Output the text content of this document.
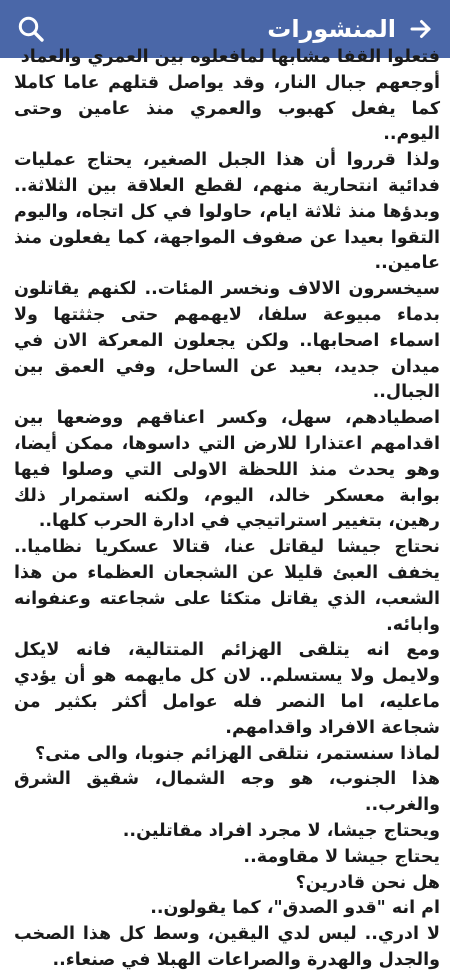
المنشورات

فتعلوا القفا مشابها لمافعلوه بين العمري والعماد

أوجعهم جبال النار، وقد يواصل قتلهم عاما كاملا كما يفعل كهبوب والعمري منذ عامين وحتى اليوم..

ولذا قرروا أن هذا الجبل الصغير، يحتاج عمليات فدائية انتحارية منهم، لقطع العلاقة بين الثلاثة.. وبدؤها منذ ثلاثة ايام، حاولوا في كل اتجاه، واليوم التقوا بعيدا عن صفوف المواجهة، كما يفعلون منذ عامين..

سيخسرون الالاف ونخسر المئات.. لكنهم يقاتلون بدماء مبيوعة سلفا، لايهمهم حتى جثثتها ولا اسماء اصحابها.. ولكن يجعلون المعركة الان في ميدان جديد، بعيد عن الساحل، وفي العمق بين الجبال..

اصطيادهم، سهل، وكسر اعناقهم ووضعها بين اقدامهم اعتذارا للارض التي داسوها، ممكن أيضا، وهو يحدث منذ اللحظة الاولى التي وصلوا فيها بوابة معسكر خالد، اليوم، ولكنه استمرار ذلك رهين، بتغيير استراتيجي في ادارة الحرب كلها..

نحتاج جيشا ليقاتل عنا، قتالا عسكريا نظاميا.. يخفف العبئ قليلا عن الشجعان العظماء من هذا الشعب، الذي يقاتل متكئا على شجاعته وعنفوانه وابائه.

ومع انه يتلقى الهزائم المتتالية، فانه لايكل ولايمل ولا يستسلم.. لان كل مايهمه هو أن يؤدي ماعليه، اما النصر فله عوامل أكثر بكثير من شجاعة الافراد واقدامهم.

لماذا سنستمر، نتلقى الهزائم جنوبا، والى متى؟

هذا الجنوب، هو وجه الشمال، شقيق الشرق والغرب..

ويحتاج جيشا، لا مجرد افراد مقاتلين..

يحتاج جيشا لا مقاومة..

هل نحن قادرين؟

ام انه "قدو الصدق"، كما يقولون..

لا ادري.. ليس لدي اليقين، وسط كل هذا الصخب والجدل والهدرة والصراعات الهبلا في صنعاء..
